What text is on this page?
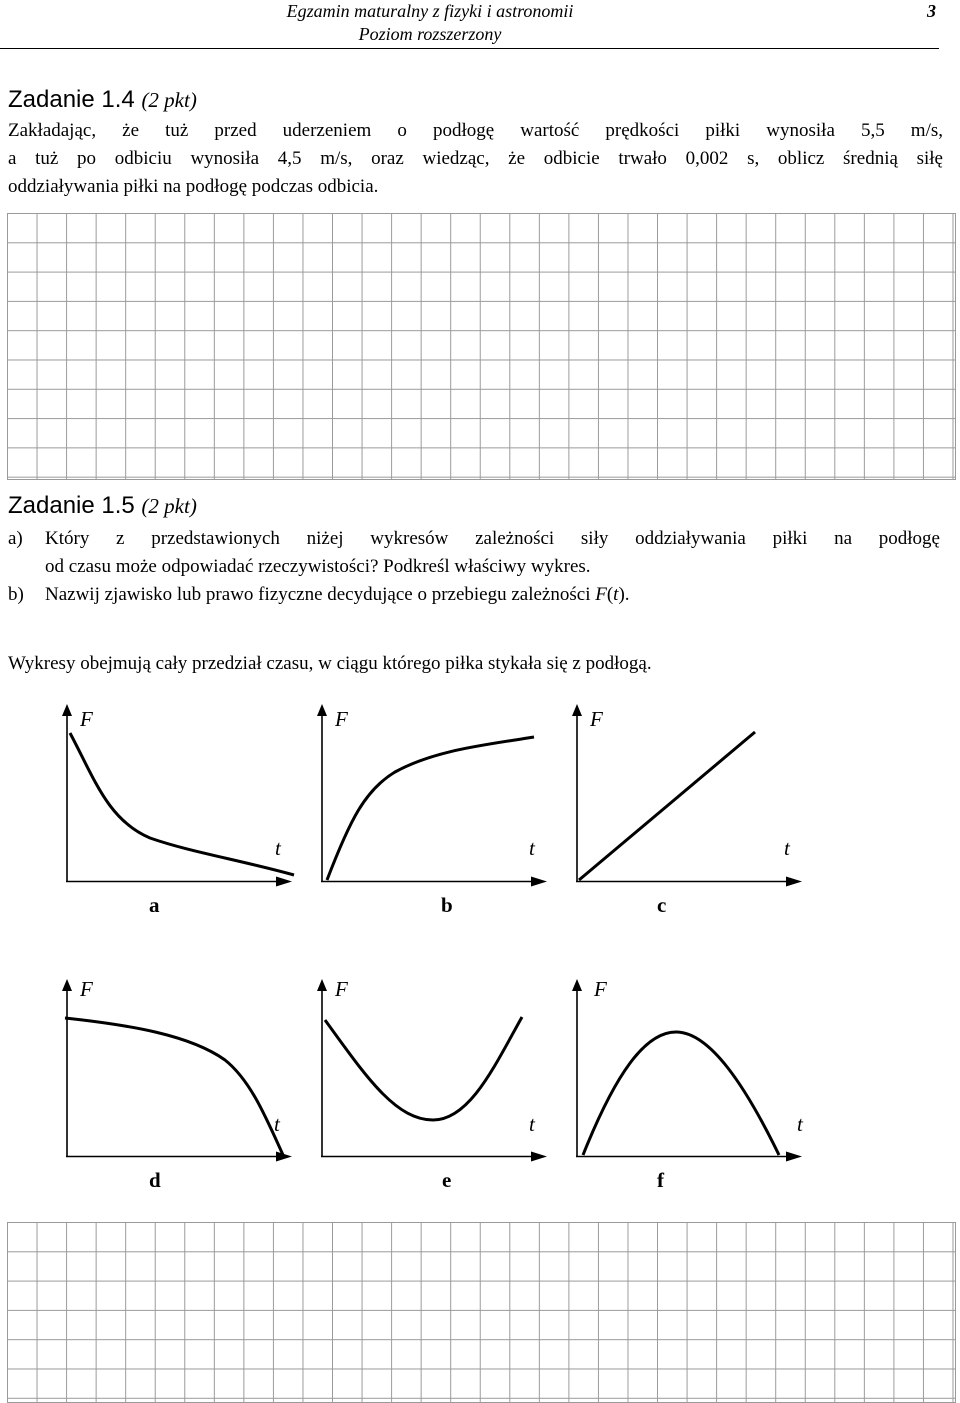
Egzamin maturalny z fizyki i astronomii
Poziom rozszerzony
3
Zadanie 1.4 (2 pkt)
Zakładając, że tuż przed uderzeniem o podłogę wartość prędkości piłki wynosiła 5,5 m/s,
a tuż po odbiciu wynosiła 4,5 m/s, oraz wiedząc, że odbicie trwało 0,002 s, oblicz średnią siłę
oddziaływania piłki na podłogę podczas odbicia.
Zadanie 1.5 (2 pkt)
a) Który z przedstawionych niżej wykresów zależności siły oddziaływania piłki na podłogę
od czasu może odpowiadać rzeczywistości? Podkreśl właściwy wykres.
b) Nazwij zjawisko lub prawo fizyczne decydujące o przebiegu zależności F(t).
Wykresy obejmują cały przedział czasu, w ciągu którego piłka stykała się z podłogą.
F
t
a
F
t
b
F
t
c
F
t
d
F
t
e
F
t
f
